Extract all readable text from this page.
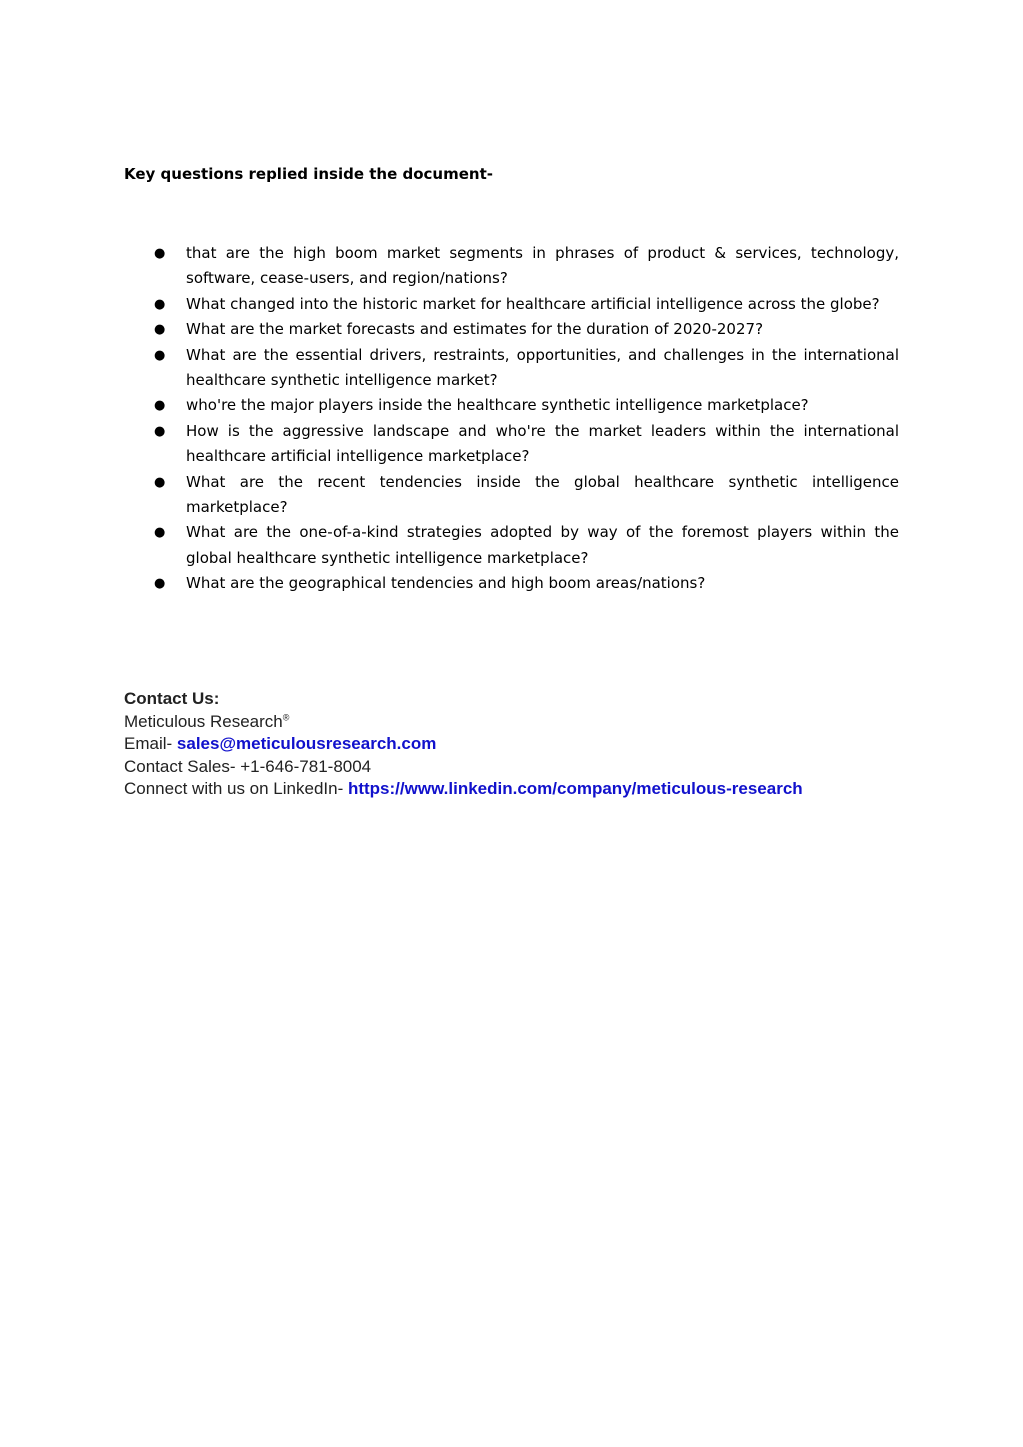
Key questions replied inside the document-
● that are the high boom market segments in phrases of product & services, technology, software, cease-users, and region/nations?
● What changed into the historic market for healthcare artificial intelligence across the globe?
● What are the market forecasts and estimates for the duration of 2020-2027?
● What are the essential drivers, restraints, opportunities, and challenges in the international healthcare synthetic intelligence market?
● who're the major players inside the healthcare synthetic intelligence marketplace?
● How is the aggressive landscape and who're the market leaders within the international healthcare artificial intelligence marketplace?
● What are the recent tendencies inside the global healthcare synthetic intelligence marketplace?
● What are the one-of-a-kind strategies adopted by way of the foremost players within the global healthcare synthetic intelligence marketplace?
● What are the geographical tendencies and high boom areas/nations?
Contact Us:
Meticulous Research®
Email- sales@meticulousresearch.com
Contact Sales- +1-646-781-8004
Connect with us on LinkedIn- https://www.linkedin.com/company/meticulous-research
